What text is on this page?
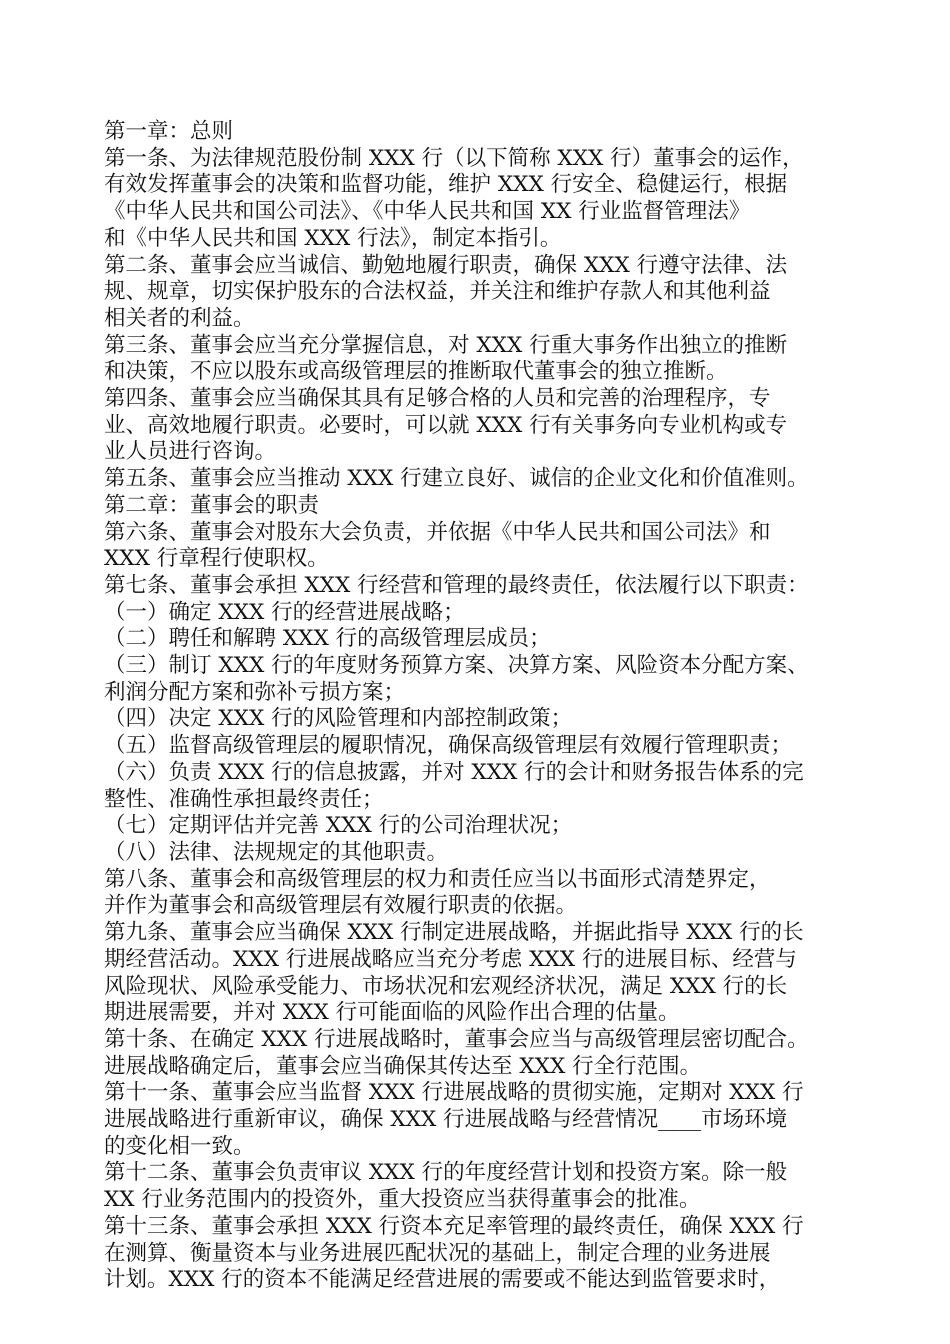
第一章：总则
第一条、为法律规范股份制 XXX 行（以下简称 XXX 行）董事会的运作，
有效发挥董事会的决策和监督功能，维护 XXX 行安全、稳健运行，根据
《中华人民共和国公司法》、《中华人民共和国 XX 行业监督管理法》
和《中华人民共和国 XXX 行法》，制定本指引。
第二条、董事会应当诚信、勤勉地履行职责，确保 XXX 行遵守法律、法
规、规章，切实保护股东的合法权益，并关注和维护存款人和其他利益
相关者的利益。
第三条、董事会应当充分掌握信息，对 XXX 行重大事务作出独立的推断
和决策，不应以股东或高级管理层的推断取代董事会的独立推断。
第四条、董事会应当确保其具有足够合格的人员和完善的治理程序，专
业、高效地履行职责。必要时，可以就 XXX 行有关事务向专业机构或专
业人员进行咨询。
第五条、董事会应当推动 XXX 行建立良好、诚信的企业文化和价值准则。
第二章：董事会的职责
第六条、董事会对股东大会负责，并依据《中华人民共和国公司法》和
XXX 行章程行使职权。
第七条、董事会承担 XXX 行经营和管理的最终责任，依法履行以下职责：
（一）确定 XXX 行的经营进展战略；
（二）聘任和解聘 XXX 行的高级管理层成员；
（三）制订 XXX 行的年度财务预算方案、决算方案、风险资本分配方案、
利润分配方案和弥补亏损方案；
（四）决定 XXX 行的风险管理和内部控制政策；
（五）监督高级管理层的履职情况，确保高级管理层有效履行管理职责；
（六）负责 XXX 行的信息披露，并对 XXX 行的会计和财务报告体系的完
整性、准确性承担最终责任；
（七）定期评估并完善 XXX 行的公司治理状况；
（八）法律、法规规定的其他职责。
第八条、董事会和高级管理层的权力和责任应当以书面形式清楚界定，
并作为董事会和高级管理层有效履行职责的依据。
第九条、董事会应当确保 XXX 行制定进展战略，并据此指导 XXX 行的长
期经营活动。XXX 行进展战略应当充分考虑 XXX 行的进展目标、经营与
风险现状、风险承受能力、市场状况和宏观经济状况，满足 XXX 行的长
期进展需要，并对 XXX 行可能面临的风险作出合理的估量。
第十条、在确定 XXX 行进展战略时，董事会应当与高级管理层密切配合。
进展战略确定后，董事会应当确保其传达至 XXX 行全行范围。
第十一条、董事会应当监督 XXX 行进展战略的贯彻实施，定期对 XXX 行
进展战略进行重新审议，确保 XXX 行进展战略与经营情况____市场环境
的变化相一致。
第十二条、董事会负责审议 XXX 行的年度经营计划和投资方案。除一般
XX 行业务范围内的投资外，重大投资应当获得董事会的批准。
第十三条、董事会承担 XXX 行资本充足率管理的最终责任，确保 XXX 行
在测算、衡量资本与业务进展匹配状况的基础上，制定合理的业务进展
计划。XXX 行的资本不能满足经营进展的需要或不能达到监管要求时，
